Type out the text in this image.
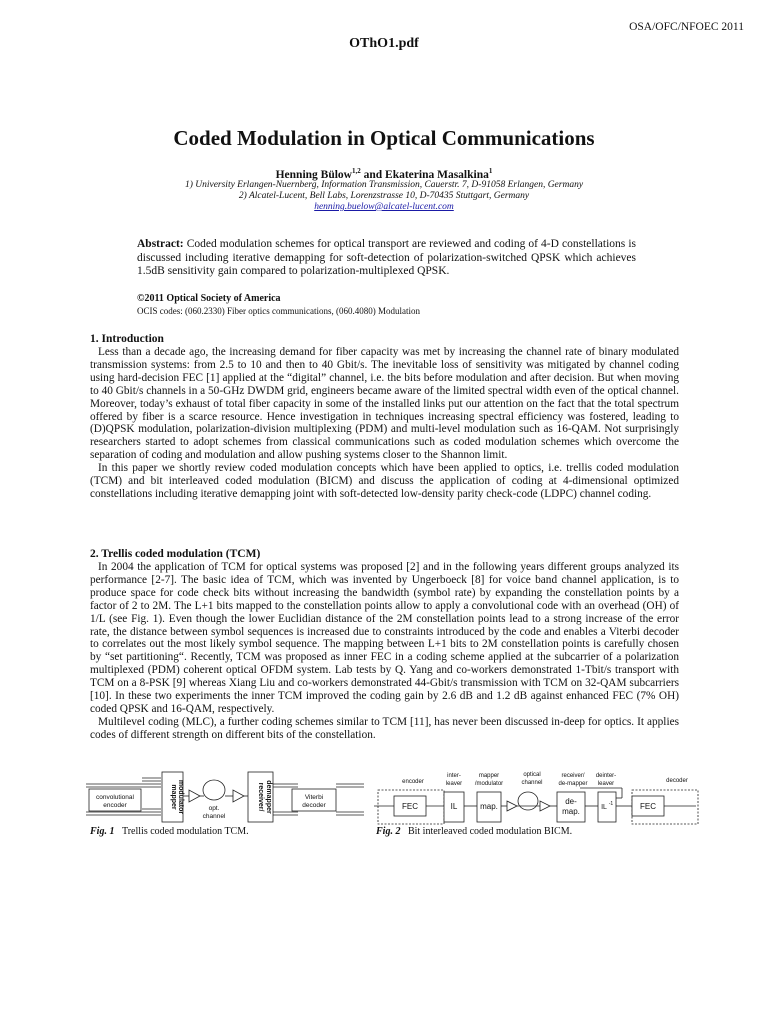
OSA/OFC/NFOEC 2011
OThO1.pdf
Coded Modulation in Optical Communications
Henning Bülow$^{1,2}$ and Ekaterina Masalkina$^1$
1) University Erlangen-Nuernberg, Information Transmission, Cauerstr. 7, D-91058 Erlangen, Germany
2) Alcatel-Lucent, Bell Labs, Lorenzstrasse 10, D-70435 Stuttgart, Germany
henning.buelow@alcatel-lucent.com
Abstract: Coded modulation schemes for optical transport are reviewed and coding of 4-D constellations is discussed including iterative demapping for soft-detection of polarization-switched QPSK which achieves 1.5dB sensitivity gain compared to polarization-multiplexed QPSK.
©2011 Optical Society of America
OCIS codes: (060.2330) Fiber optics communications, (060.4080) Modulation
1. Introduction

Less than a decade ago, the increasing demand for fiber capacity was met by increasing the channel rate of binary modulated transmission systems: from 2.5 to 10 and then to 40 Gbit/s. The inevitable loss of sensitivity was mitigated by channel coding using hard-decision FEC [1] applied at the “digital” channel, i.e. the bits before modulation and after decision. But when moving to 40 Gbit/s channels in a 50-GHz DWDM grid, engineers became aware of the limited spectral width even of the optical channel. Moreover, today’s exhaust of total fiber capacity in some of the installed links put our attention on the fact that the total spectrum offered by fiber is a scarce resource. Hence investigation in techniques increasing spectral efficiency was fostered, leading to (D)QPSK modulation, polarization-division multiplexing (PDM) and multi-level modulation such as 16-QAM. Not surprisingly researchers started to adopt schemes from classical communications such as coded modulation schemes which overcome the separation of coding and modulation and allow pushing systems closer to the Shannon limit.

In this paper we shortly review coded modulation concepts which have been applied to optics, i.e. trellis coded modulation (TCM) and bit interleaved coded modulation (BICM) and discuss the application of coding at 4-dimensional optimized constellations including iterative demapping joint with soft-detected low-density parity check-code (LDPC) channel coding.

2. Trellis coded modulation (TCM)

In 2004 the application of TCM for optical systems was proposed [2] and in the following years different groups analyzed its performance [2-7]. The basic idea of TCM, which was invented by Ungerboeck [8] for voice band channel application, is to produce space for code check bits without increasing the bandwidth (symbol rate) by expanding the constellation points by a factor of 2 to 2M. The L+1 bits mapped to the constellation points allow to apply a convolutional code with an overhead (OH) of 1/L (see Fig. 1). Even though the lower Euclidian distance of the 2M constellation points lead to a strong increase of the error rate, the distance between symbol sequences is increased due to constraints introduced by the code and enables a Viterbi decoder to correlates out the most likely symbol sequence. The mapping between L+1 bits to 2M constellation points is carefully chosen by “set partitioning“. Recently, TCM was proposed as inner FEC in a coding scheme applied at the subcarrier of a polarization multiplexed (PDM) coherent optical OFDM system. Lab tests by Q. Yang and co-workers demonstrated 1-Tbit/s transport with TCM on a 8-PSK [9] whereas Xiang Liu and co-workers demonstrated 44-Gbit/s transmission with TCM on 32-QAM subcarriers [10]. In these two experiments the inner TCM improved the coding gain by 2.6 dB and 1.2 dB against enhanced FEC (7% OH) coded QPSK and 16-QAM, respectively.

Multilevel coding (MLC), a further coding schemes similar to TCM [11], has never been discussed in-deep for optics. It applies codes of different strength on different bits of the constellation.

convolutional
encoder	opt.
channel
Viterbi
decoder
mapper modulator	receiver/ demapper
Fig. 1 Trellis coded modulation TCM.
encoder
inter-
leaver
mapper
/modulator
optical
channel
receiver/
de-mapper
deinter-
leaver	decoder
FEC	IL	map.
de-
map.	IL -1	FEC
Fig. 2 Bit interleaved coded modulation BICM.
